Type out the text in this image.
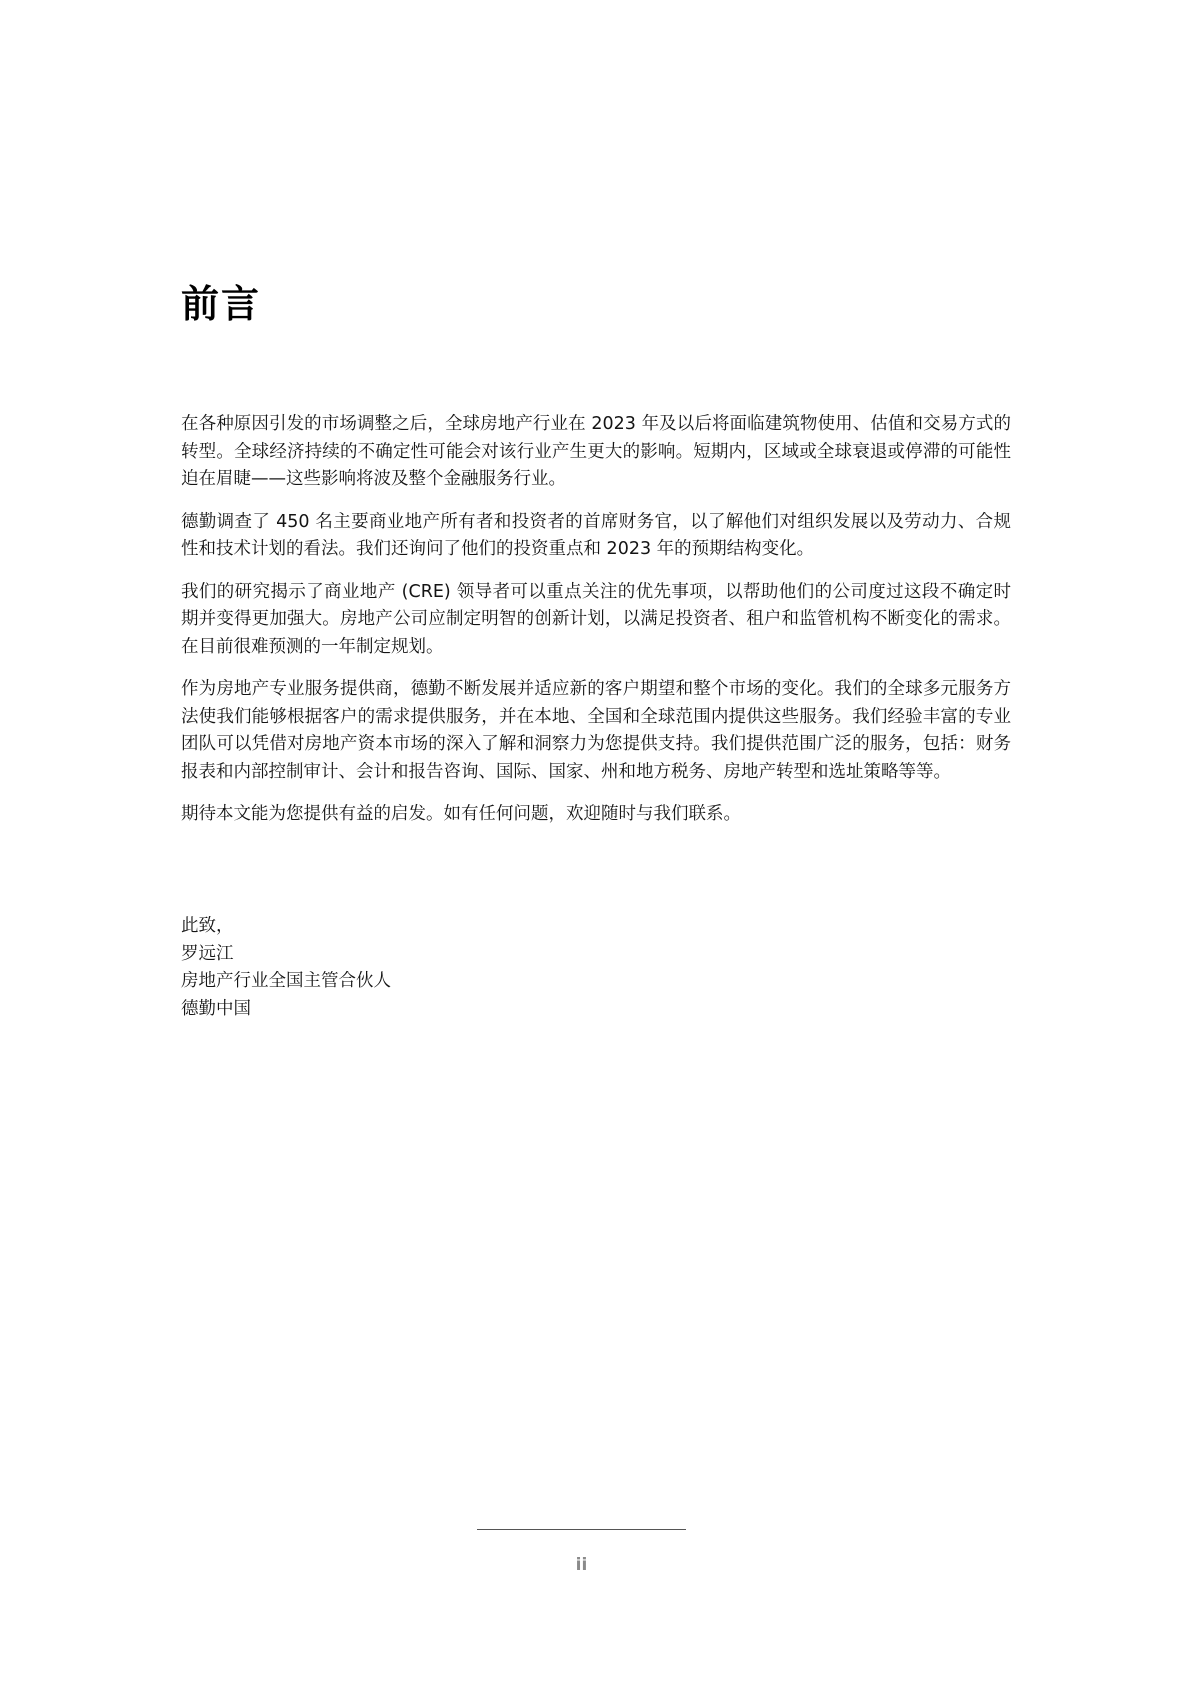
前言

在各种原因引发的市场调整之后，全球房地产行业在 2023 年及以后将面临建筑物使用、估值和交易方式的转型。全球经济持续的不确定性可能会对该行业产生更大的影响。短期内，区域或全球衰退或停滞的可能性迫在眉睫——这些影响将波及整个金融服务行业。

德勤调查了 450 名主要商业地产所有者和投资者的首席财务官，以了解他们对组织发展以及劳动力、合规性和技术计划的看法。我们还询问了他们的投资重点和 2023 年的预期结构变化。

我们的研究揭示了商业地产 (CRE) 领导者可以重点关注的优先事项，以帮助他们的公司度过这段不确定时期并变得更加强大。房地产公司应制定明智的创新计划，以满足投资者、租户和监管机构不断变化的需求。在目前很难预测的一年制定规划。

作为房地产专业服务提供商，德勤不断发展并适应新的客户期望和整个市场的变化。我们的全球多元服务方法使我们能够根据客户的需求提供服务，并在本地、全国和全球范围内提供这些服务。我们经验丰富的专业团队可以凭借对房地产资本市场的深入了解和洞察力为您提供支持。我们提供范围广泛的服务，包括：财务报表和内部控制审计、会计和报告咨询、国际、国家、州和地方税务、房地产转型和选址策略等等。

期待本文能为您提供有益的启发。如有任何问题，欢迎随时与我们联系。

此致，

罗远江

房地产行业全国主管合伙人

德勤中国

ii
